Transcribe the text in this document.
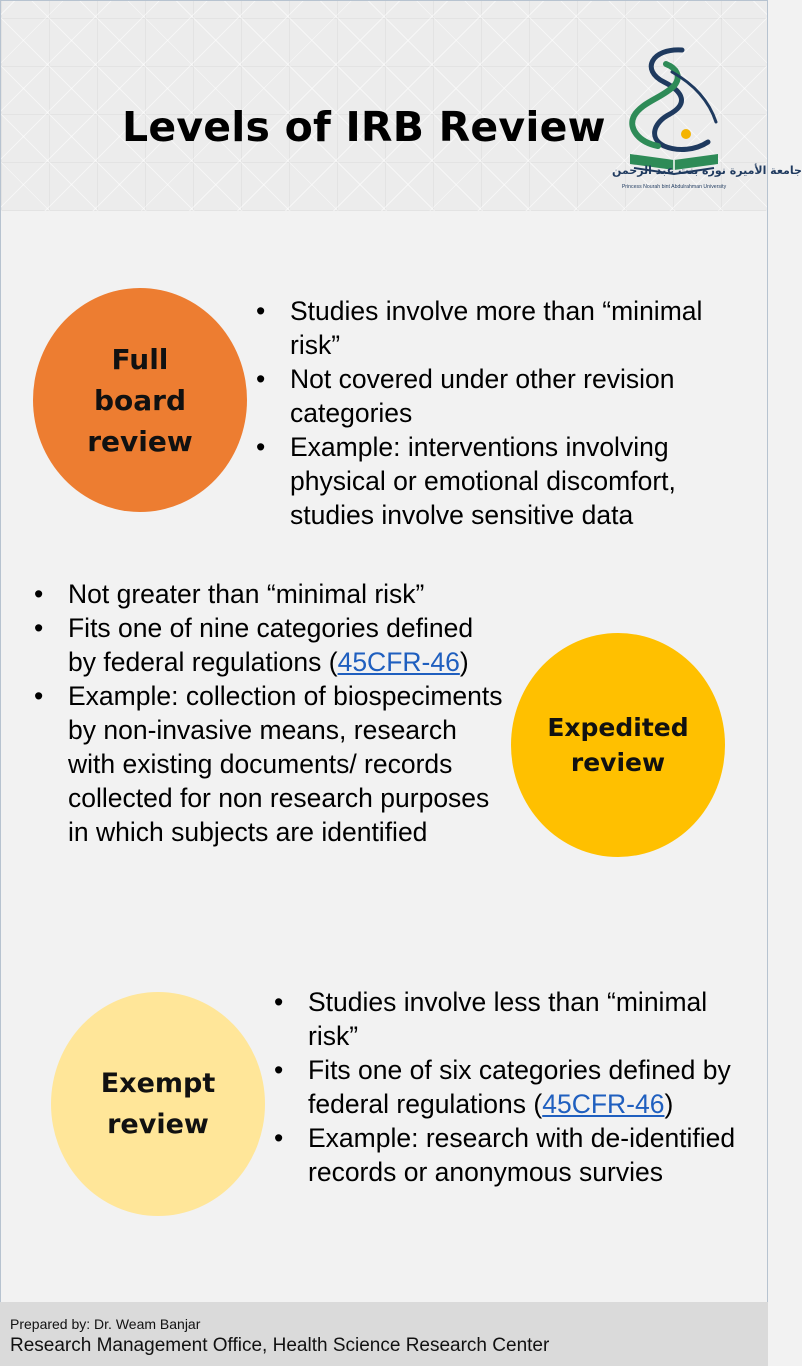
Levels of IRB Review
جامعة الأميرة نورة بنت عبد الرحمن
Princess Nourah bint Abdulrahman University
Full
board
review
• Studies involve more than “minimal risk”
• Not covered under other revision categories
• Example: interventions involving physical or emotional discomfort, studies involve sensitive data
• Not greater than “minimal risk”
• Fits one of nine categories defined by federal regulations (45CFR-46)
• Example: collection of biospeciments by non-invasive means, research with existing documents/ records collected for non research purposes in which subjects are identified
Expedited
review
Exempt
review
• Studies involve less than “minimal risk”
• Fits one of six categories defined by federal regulations (45CFR-46)
• Example: research with de-identified records or anonymous survies
Prepared by: Dr. Weam Banjar
Research Management Office, Health Science Research Center
